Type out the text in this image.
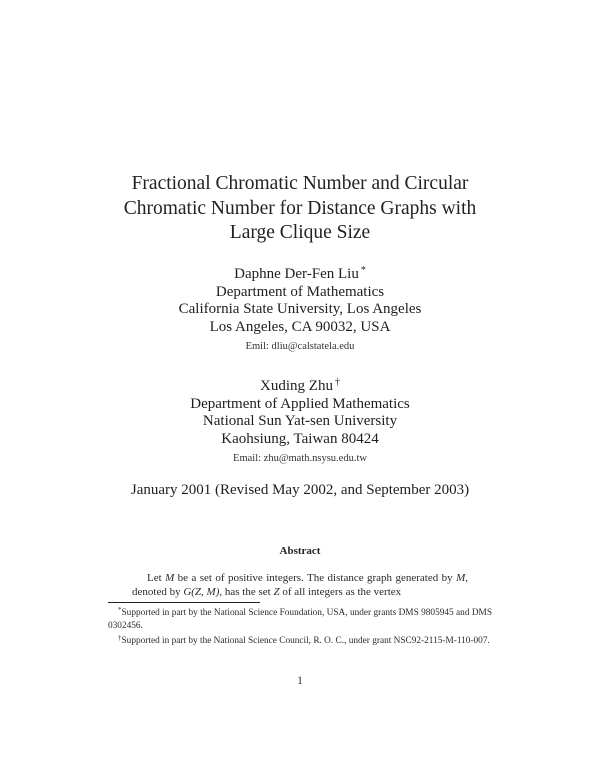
Fractional Chromatic Number and Circular
Chromatic Number for Distance Graphs with
Large Clique Size
Daphne Der-Fen Liu *
Department of Mathematics
California State University, Los Angeles
Los Angeles, CA 90032, USA
Emil: dliu@calstatela.edu
Xuding Zhu †
Department of Applied Mathematics
National Sun Yat-sen University
Kaohsiung, Taiwan 80424
Email: zhu@math.nsysu.edu.tw
January 2001 (Revised May 2002, and September 2003)
Abstract
Let M be a set of positive integers. The distance graph generated by M, denoted by G(Z, M), has the set Z of all integers as the vertex

*Supported in part by the National Science Foundation, USA, under grants DMS 9805945 and DMS 0302456.

†Supported in part by the National Science Council, R. O. C., under grant NSC92-2115-M-110-007.

1
